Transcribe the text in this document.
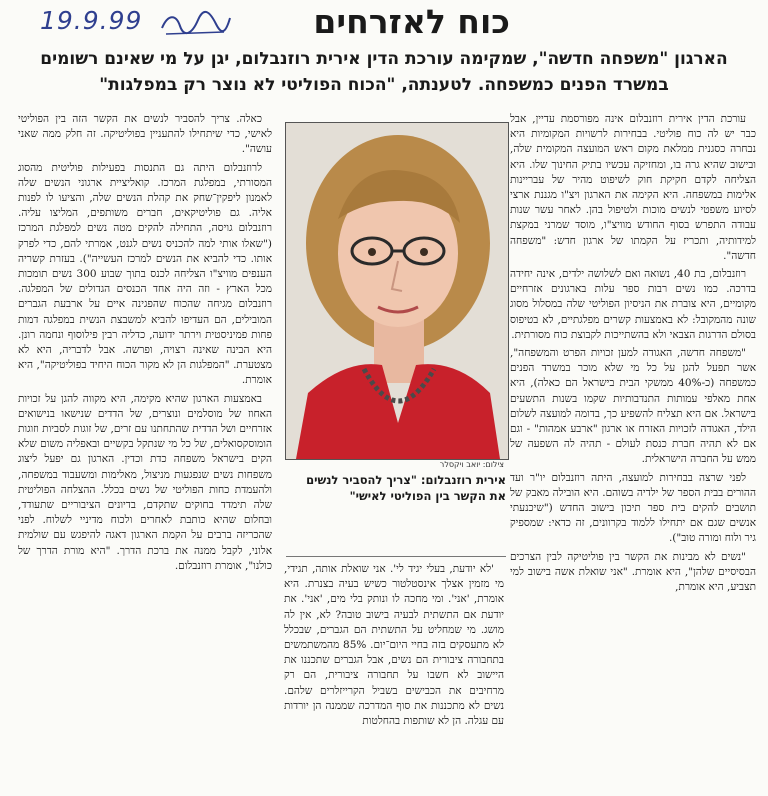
19.9.99	כוח לאזרחים
הארגון "משפחה חדשה", שמקימה עורכת הדין אירית רוזנבלום, יגן על מי שאינם רשומים במשרד הפנים כמשפחה. לטענתה, "הכוח הפוליטי לא נוצר רק במפלגות"

עורכת הדין אירית רוזנבלום אינה מפורסמת עדיין, אבל כבר יש לה כוח פוליטי. בבחירות לרשויות המקומיות היא נבחרה כסגנית ממלאת מקום ראש המועצה המקומית שלה, ובישוב שהיא גרה בו, ומחזיקה עכשיו בתיק החינוך שלו. היא הצליחה לקדם חקיקת חוק לשיפוט מהיר של עבריינות אלימות במשפחה. היא הקימה את הארגון ויצ"ו מגננת ארצי לסיוע משפטי לנשים מוכות ולטיפול בהן. לאחר עשר שנות עבודה התפרש בסוף החודש מוויצ"ו, מוסד שמרני במקצת למידותיה, ותכריז על הקמתו של ארגון חדש: "משפחה חדשה".

רוזנבלום, בת 40, נשואה ואם לשלושה ילדים, אינה יחידה בדרכה. כמו נשים רבות ספר עלות בארגונים אזרחיים מקומיים, היא צוברת את הניסיון הפוליטי שלה במסלול מסוג שונה מהמקובל: לא באמצעות קשרים מפלגתיים, לא בטיפוס בסולם הדרגות הצבאי ולא בהשתייכות לקבוצת כוח מסורתית.

"משפחה חדשה, האגודה למען זכויות הפרט והמשפחה", אשר תפעל להגן על כל מי שלא מוכר במשרד הפנים כמשפחה (כ-40% ממשקי הבית בישראל הם כאלה), היא אחת מאלפי עמותות התנדבותיות שקמו בשנות התשעים בישראל. אם היא תצליח להשפיע כך, בדומה למועצה לשלום הילד, האגודה לזכויות האזרח או ארגון "ארבע אמהות" - וגם אם לא תהיה חברת כנסת לעולם - תהיה לה השפעה של ממש על החברה הישראלית.

לפני שרצה בבחירות למועצה, היתה רוזנבלום יו"ר ועד ההורים בבית הספר של ילדיה בשוהם. היא הובילה מאבק של תושבים להקים בית ספר תיכון בישוב החדש ("שיכנעתי אנשים שגם אם יתחילו ללמוד בקרוונים, זה כדאי: שמספיק גיר ולוח ומורה טוב").

"נשים לא מבינות את הקשר בין פוליטיקה לבין הצרכים הבסיסיים שלהן", היא אומרת. "אני שואלת אשה בישוב למי תצביע, היא אומרת,

צילום: יואב ויקסלר
אירית רוזנבלום: "צריך להסביר לנשים את הקשר בין הפוליטי לאישי"

'לא יודעת, בעלי יגיד לי'. אני שואלת אותה, תגידי, מי מזמין אצלך אינסטלטור כשיש בעיה בצנרת. היא אומרת, 'אני'. ומי מחכה לו ונותק בלי מים, 'אני'. את יודעת אם התשתית לבעיה בישוב טובה? לא, אין לה מושג. מי שמחליט על התשתית הם הגברים, שבכלל לא מתעסקים בזה בחיי היום־יום. 85% מהמשתמשים בתחבורה ציבורית הם נשים, אבל הגברים שתכננו את היישוב לא חשבו על תחבורה ציבורית, הם רק מרחיבים את הכבישים בשביל הקרייזלרים שלהם. נשים לא מתכננות את סוף המדרכה שממנה הן יורדות עם עגלה. הן לא שותפות בהחלטות

כאלה. צריך להסביר לנשים את הקשר הזה בין הפוליטי לאישי, כדי שיתחילו להתעניין בפוליטיקה. זה חלק ממה שאני עושה".

לרוזנבלום היתה גם התנסות בפעילות פוליטית מהסוג המסורתי, במפלגת המרכז. קואליציית ארגוני הנשים שלה לאמנון ליפקין־שחק את קהלת הנשים שלה, והציעו לו לפנות אליה. גם פוליטיקאים, חברים משותפים, המליצו עליה. רוזנבלום גויסה, התחילה להקים מטה נשים למפלגת המרכז ("שאלו אותי למה להכניס נשים לגנט, אמרתי להם, כדי לפרק אותו. כדי להביא את הנשים למרכז העשייה"). בעזרת קשריה הענפים מוויצ"ו הצליחה לכנס בתוך שבוע 300 נשים תומכות מכל הארץ - וזה היה אחד הכנסים הגדולים של המפלגה. רוזנבלום מגיחה שהכוח שהפגינה איים על ארבעת הגברים המובילים, הם העדיפו להביא למשבצת הנשית במפלגה דמות פחות פמיניסטית וירתר ידועה, כדליה רבין פילוסוף ונחמה רונן. היא הבינה שאינה רצויה, ופרשה. אבל לדבריה, היא לא מצטערת. "המפלגות הן לא מקור הכוח היחיד בפוליטיקה", היא אומרת.

באמצעות הארגון שהיא מקימה, היא מקווה להגן על זכויות האחוז של מוסלמים ונוצרים, של הדדים שנישאו בנישואים אזרחיים ושל הדדית שהתחתנו עם זרים, של זוגות לסביות וזוגות הומוסקסואלים, של כל מי שנתקל בקשיים ובאפליה משום שלא הקים בישראל משפחה כדת וכדין. הארגון גם יפעל ליצוג משפחות נשים שנפגעות מניצול, מאלימות ומשעבוד במשפחה, ולהעמדת כחות הפוליטי של נשים בכלל. ההצלחה הפוליטית שלה תימדד בחוקים שתקדם, בדיונים הציבוריים שתעודד, ובחלום שהיא כותבת לאחרים ולכוח מדיניי לשלוח. לפני שהכריזה ברבים על הקמת הארגון דאגה להיפגש עם שולמית אלוני, לקבל ממנה את ברכת הדרך. "היא מורת הדרך של כולנו", אומרת רוזנבלום.
